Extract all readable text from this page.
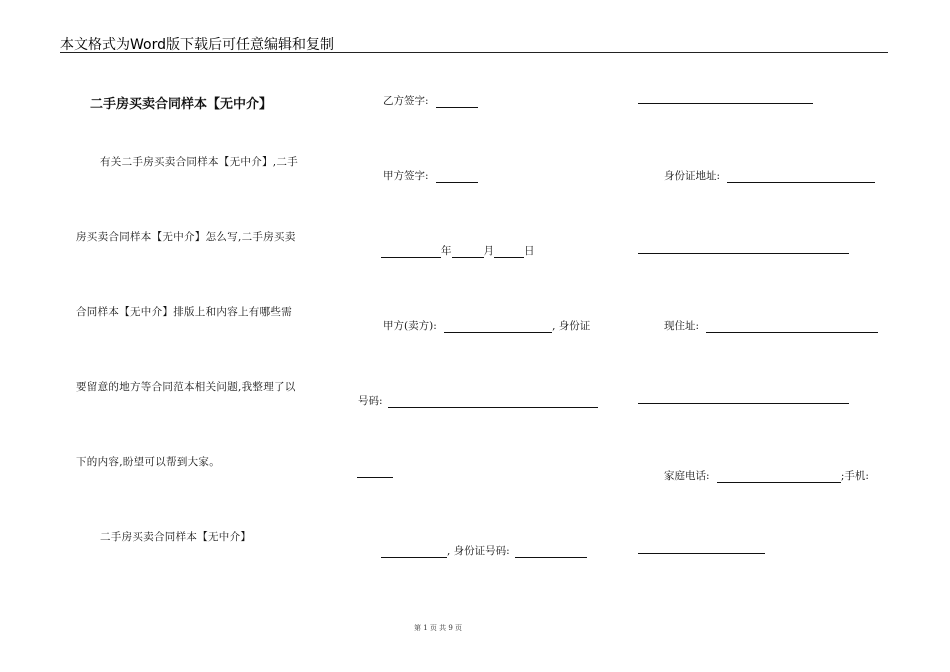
本文格式为Word版下载后可任意编辑和复制
二手房买卖合同样本【无中介】
有关二手房买卖合同样本【无中介】,二手
房买卖合同样本【无中介】怎么写,二手房买卖
合同样本【无中介】排版上和内容上有哪些需
要留意的地方等合同范本相关问题,我整理了以
下的内容,盼望可以帮到大家。
二手房买卖合同样本【无中介】
乙方签字:
甲方签字:
年	月	日
甲方(卖方):	, 身份证
号码:
, 身份证号码:
身份证地址:
现住址:
家庭电话:	;手机:
第 1 页 共 9 页
